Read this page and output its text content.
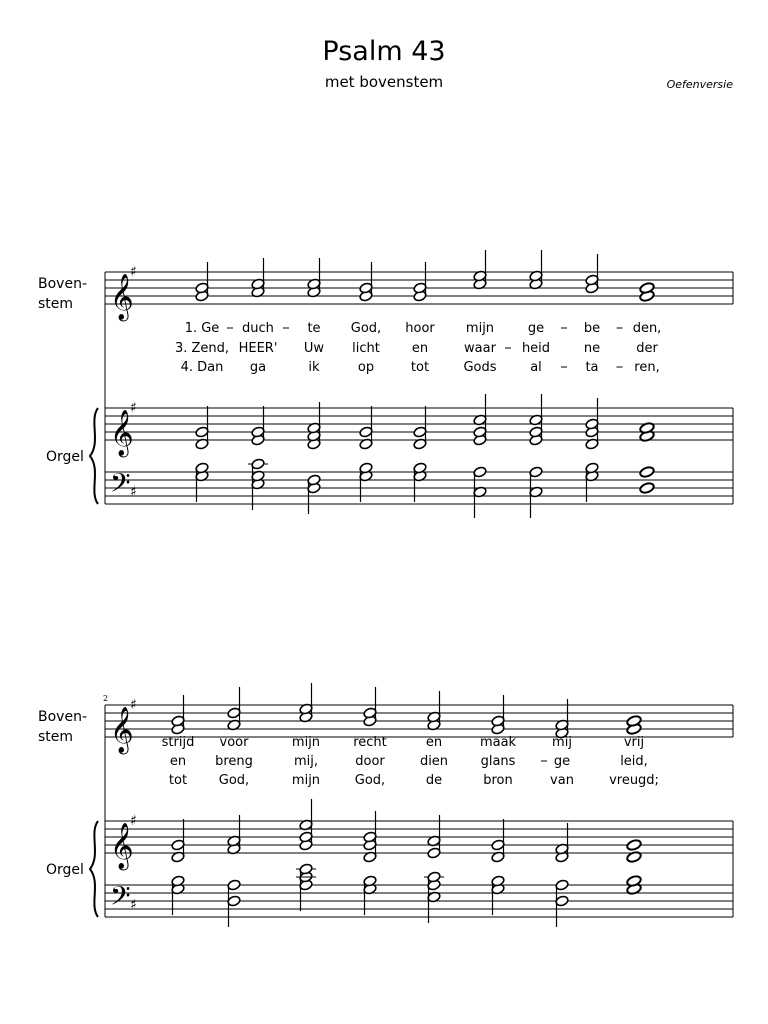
Psalm 43
met bovenstem	Oefenversie
𝄞
♯
𝄞
♯
𝄢 ♯
Boven-
stem
Orgel
1. Ge duch	te God, hoor mijn	ge	be	den,
3. Zend, HEER' Uw licht en	waar heid	ne	der
4. Dan ga	ik	op	tot	Gods	al	ta	ren,
𝄞
♯
𝄞
♯
𝄢 ♯
Boven-
stem
Orgel
2
strijd voor	mijn	recht	en	maak	mij	vrij
en breng	mij,	door	dien	glans	ge	leid,
tot God,	mijn	God,	de	bron	van	vreugd;
